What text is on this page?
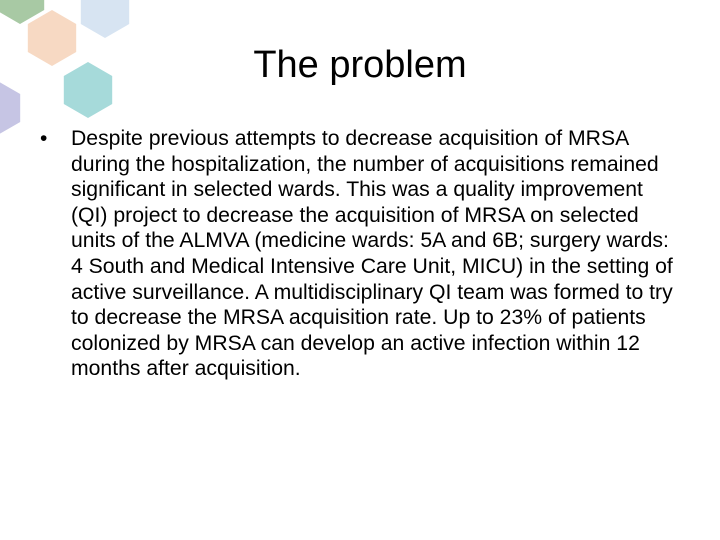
The problem
•	Despite previous attempts to decrease acquisition of MRSA during the hospitalization, the number of acquisitions remained significant in selected wards. This was a quality improvement (QI) project to decrease the acquisition of MRSA on selected units of the ALMVA (medicine wards: 5A and 6B; surgery wards: 4 South and Medical Intensive Care Unit, MICU) in the setting of active surveillance. A multidisciplinary QI team was formed to try to decrease the MRSA acquisition rate. Up to 23% of patients colonized by MRSA can develop an active infection within 12 months after acquisition.
